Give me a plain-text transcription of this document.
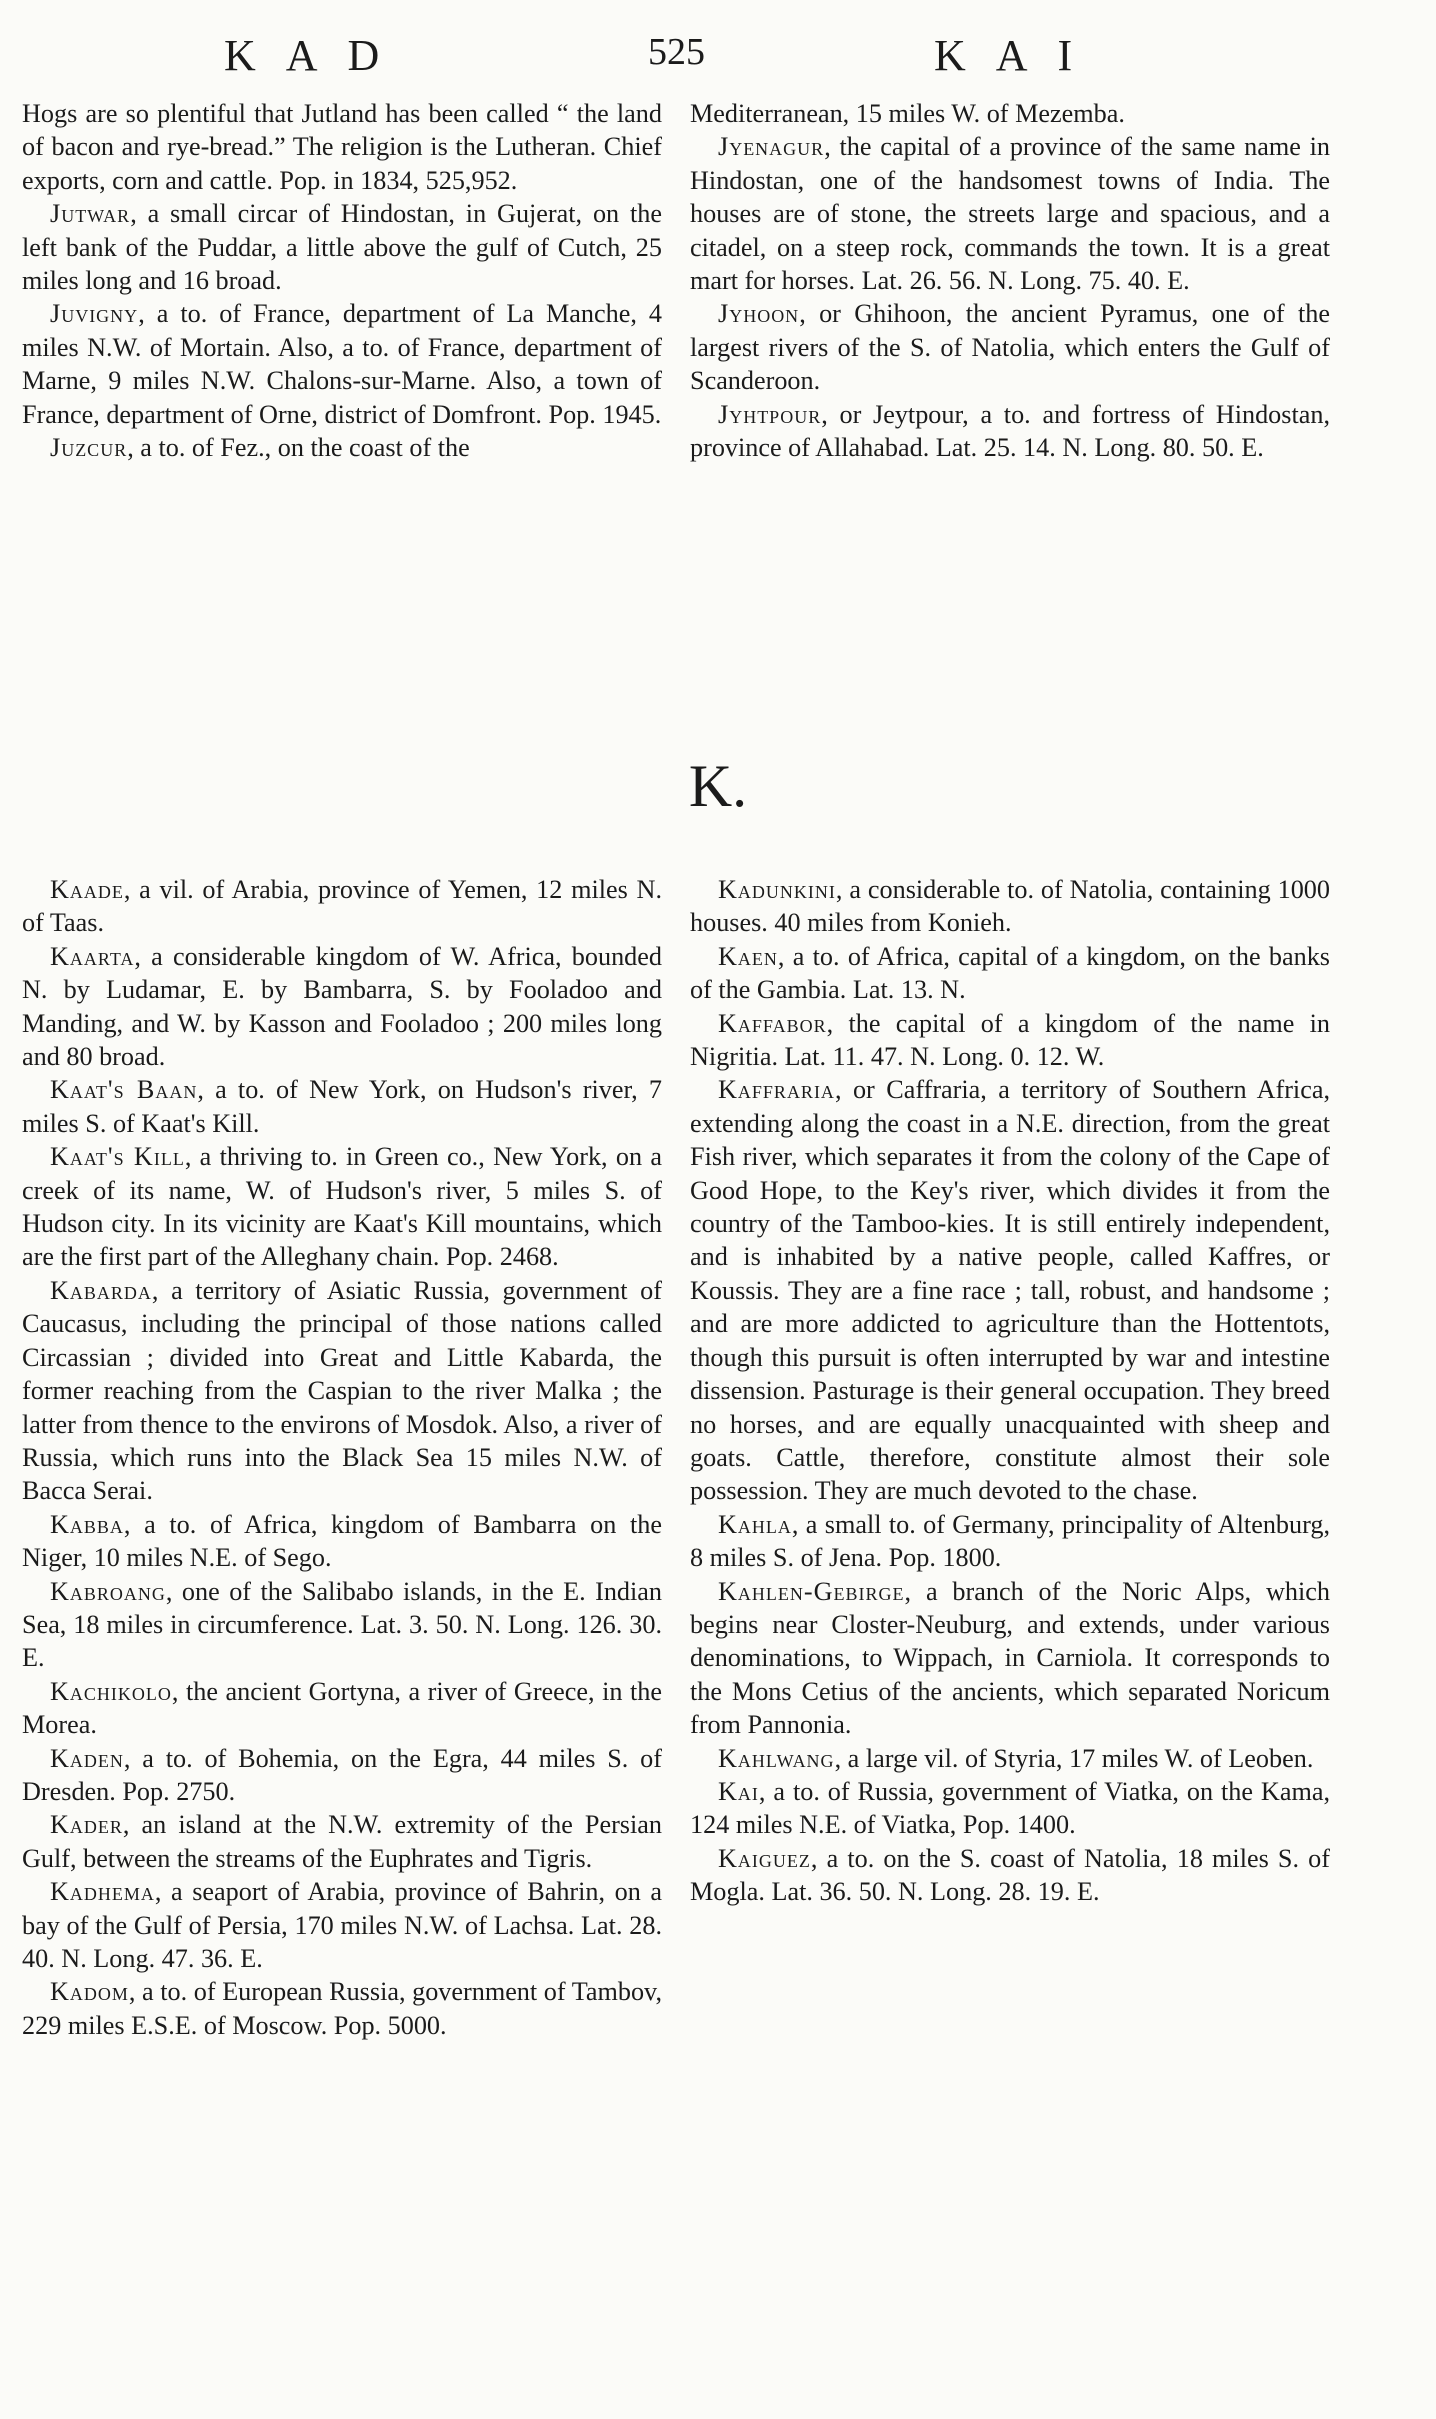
KAD	525	KAI

Hogs are so plentiful that Jutland has been called “ the land of bacon and rye-bread.” The religion is the Lutheran. Chief exports, corn and cattle. Pop. in 1834, 525,952.

Jutwar, a small circar of Hindostan, in Gujerat, on the left bank of the Puddar, a little above the gulf of Cutch, 25 miles long and 16 broad.

Juvigny, a to. of France, department of La Manche, 4 miles N.W. of Mortain. Also, a to. of France, department of Marne, 9 miles N.W. Chalons-sur-Marne. Also, a town of France, department of Orne, district of Domfront. Pop. 1945.

Juzcur, a to. of Fez., on the coast of the

Mediterranean, 15 miles W. of Mezemba.

Jyenagur, the capital of a province of the same name in Hindostan, one of the handsomest towns of India. The houses are of stone, the streets large and spacious, and a citadel, on a steep rock, commands the town. It is a great mart for horses. Lat. 26. 56. N. Long. 75. 40. E.

Jyhoon, or Ghihoon, the ancient Pyramus, one of the largest rivers of the S. of Natolia, which enters the Gulf of Scanderoon.

Jyhtpour, or Jeytpour, a to. and fortress of Hindostan, province of Allahabad. Lat. 25. 14. N. Long. 80. 50. E.

K.

Kaade, a vil. of Arabia, province of Yemen, 12 miles N. of Taas.

Kaarta, a considerable kingdom of W. Africa, bounded N. by Ludamar, E. by Bambarra, S. by Fooladoo and Manding, and W. by Kasson and Fooladoo ; 200 miles long and 80 broad.

Kaat's Baan, a to. of New York, on Hudson's river, 7 miles S. of Kaat's Kill.

Kaat's Kill, a thriving to. in Green co., New York, on a creek of its name, W. of Hudson's river, 5 miles S. of Hudson city. In its vicinity are Kaat's Kill mountains, which are the first part of the Alleghany chain. Pop. 2468.

Kabarda, a territory of Asiatic Russia, government of Caucasus, including the principal of those nations called Circassian ; divided into Great and Little Kabarda, the former reaching from the Caspian to the river Malka ; the latter from thence to the environs of Mosdok. Also, a river of Russia, which runs into the Black Sea 15 miles N.W. of Bacca Serai.

Kabba, a to. of Africa, kingdom of Bambarra on the Niger, 10 miles N.E. of Sego.

Kabroang, one of the Salibabo islands, in the E. Indian Sea, 18 miles in circumference. Lat. 3. 50. N. Long. 126. 30. E.

Kachikolo, the ancient Gortyna, a river of Greece, in the Morea.

Kaden, a to. of Bohemia, on the Egra, 44 miles S. of Dresden. Pop. 2750.

Kader, an island at the N.W. extremity of the Persian Gulf, between the streams of the Euphrates and Tigris.

Kadhema, a seaport of Arabia, province of Bahrin, on a bay of the Gulf of Persia, 170 miles N.W. of Lachsa. Lat. 28. 40. N. Long. 47. 36. E.

Kadom, a to. of European Russia, government of Tambov, 229 miles E.S.E. of Moscow. Pop. 5000.

Kadunkini, a considerable to. of Natolia, containing 1000 houses. 40 miles from Konieh.

Kaen, a to. of Africa, capital of a kingdom, on the banks of the Gambia. Lat. 13. N.

Kaffabor, the capital of a kingdom of the name in Nigritia. Lat. 11. 47. N. Long. 0. 12. W.

Kaffraria, or Caffraria, a territory of Southern Africa, extending along the coast in a N.E. direction, from the great Fish river, which separates it from the colony of the Cape of Good Hope, to the Key's river, which divides it from the country of the Tamboo-kies. It is still entirely independent, and is inhabited by a native people, called Kaffres, or Koussis. They are a fine race ; tall, robust, and handsome ; and are more addicted to agriculture than the Hottentots, though this pursuit is often interrupted by war and intestine dissension. Pasturage is their general occupation. They breed no horses, and are equally unacquainted with sheep and goats. Cattle, therefore, constitute almost their sole possession. They are much devoted to the chase.

Kahla, a small to. of Germany, principality of Altenburg, 8 miles S. of Jena. Pop. 1800.

Kahlen-Gebirge, a branch of the Noric Alps, which begins near Closter-Neuburg, and extends, under various denominations, to Wippach, in Carniola. It corresponds to the Mons Cetius of the ancients, which separated Noricum from Pannonia.

Kahlwang, a large vil. of Styria, 17 miles W. of Leoben.

Kai, a to. of Russia, government of Viatka, on the Kama, 124 miles N.E. of Viatka, Pop. 1400.

Kaiguez, a to. on the S. coast of Natolia, 18 miles S. of Mogla. Lat. 36. 50. N. Long. 28. 19. E.
